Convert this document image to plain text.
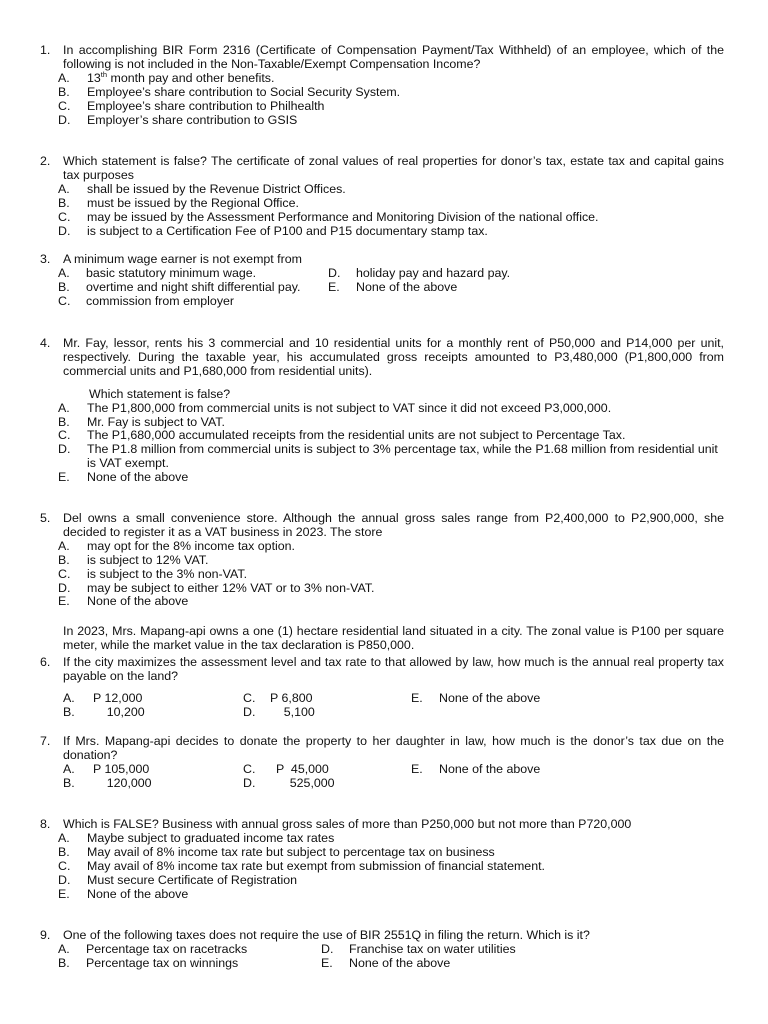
1. In accomplishing BIR Form 2316 (Certificate of Compensation Payment/Tax Withheld) of an employee, which of the following is not included in the Non-Taxable/Exempt Compensation Income?
A. 13th month pay and other benefits.
B. Employee’s share contribution to Social Security System.
C. Employee’s share contribution to Philhealth
D. Employer’s share contribution to GSIS
2. Which statement is false? The certificate of zonal values of real properties for donor’s tax, estate tax and capital gains tax purposes
A. shall be issued by the Revenue District Offices.
B. must be issued by the Regional Office.
C. may be issued by the Assessment Performance and Monitoring Division of the national office.
D. is subject to a Certification Fee of P100 and P15 documentary stamp tax.
3. A minimum wage earner is not exempt from
A. basic statutory minimum wage.
B. overtime and night shift differential pay.
C. commission from employer
D. holiday pay and hazard pay.
E. None of the above
4. Mr. Fay, lessor, rents his 3 commercial and 10 residential units for a monthly rent of P50,000 and P14,000 per unit, respectively. During the taxable year, his accumulated gross receipts amounted to P3,480,000 (P1,800,000 from commercial units and P1,680,000 from residential units).
Which statement is false?
A. The P1,800,000 from commercial units is not subject to VAT since it did not exceed P3,000,000.
B. Mr. Fay is subject to VAT.
C. The P1,680,000 accumulated receipts from the residential units are not subject to Percentage Tax.
D. The P1.8 million from commercial units is subject to 3% percentage tax, while the P1.68 million from residential unit is VAT exempt.
E. None of the above
5. Del owns a small convenience store. Although the annual gross sales range from P2,400,000 to P2,900,000, she decided to register it as a VAT business in 2023. The store
A. may opt for the 8% income tax option.
B. is subject to 12% VAT.
C. is subject to the 3% non-VAT.
D. may be subject to either 12% VAT or to 3% non-VAT.
E. None of the above
In 2023, Mrs. Mapang-api owns a one (1) hectare residential land situated in a city. The zonal value is P100 per square meter, while the market value in the tax declaration is P850,000.
6. If the city maximizes the assessment level and tax rate to that allowed by law, how much is the annual real property tax payable on the land?
A. P 12,000
B. 10,200
C. P 6,800
D. 5,100
E. None of the above
7. If Mrs. Mapang-api decides to donate the property to her daughter in law, how much is the donor’s tax due on the donation?
A. P 105,000
B. 120,000
C. P  45,000
D. 525,000
E. None of the above
8. Which is FALSE? Business with annual gross sales of more than P250,000 but not more than P720,000
A. Maybe subject to graduated income tax rates
B. May avail of 8% income tax rate but subject to percentage tax on business
C. May avail of 8% income tax rate but exempt from submission of financial statement.
D. Must secure Certificate of Registration
E. None of the above
9. One of the following taxes does not require the use of BIR 2551Q in filing the return. Which is it?
A. Percentage tax on racetracks
B. Percentage tax on winnings
D. Franchise tax on water utilities
E. None of the above
